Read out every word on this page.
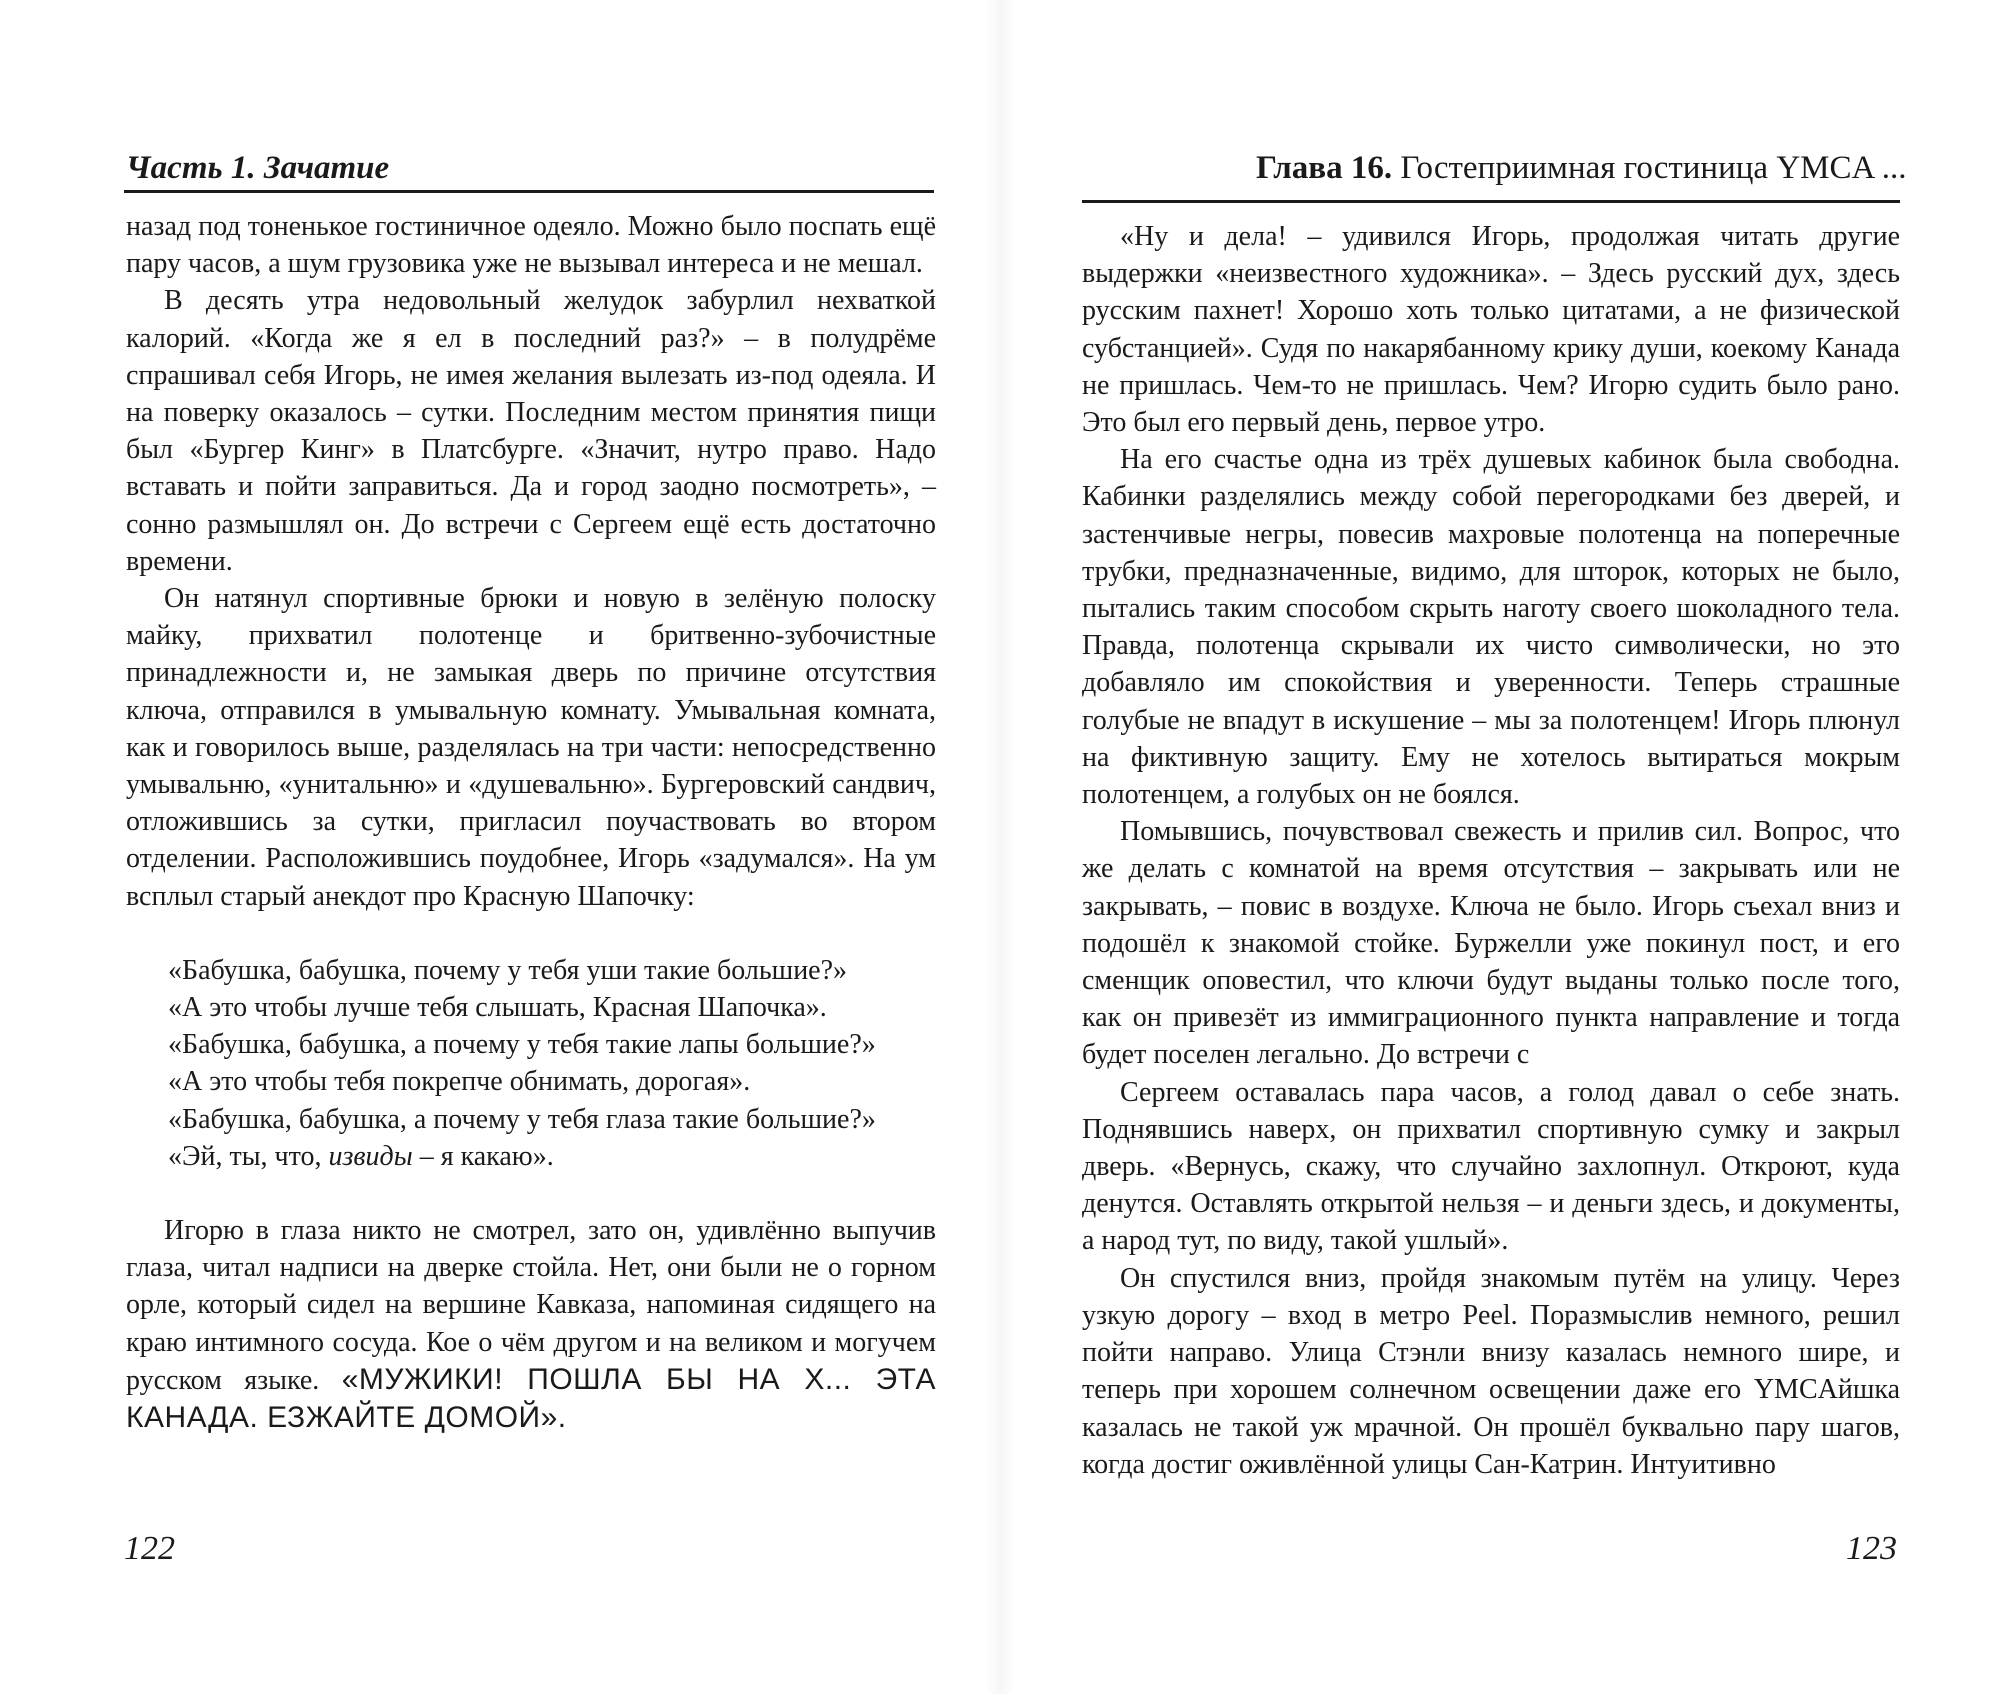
Часть 1. Зачатие

назад под тоненькое гостиничное одеяло. Можно было поспать ещё пару часов, а шум грузовика уже не вызывал интереса и не мешал.

В десять утра недовольный желудок забурлил нехваткой калорий. «Когда же я ел в последний раз?» – в полудрёме спрашивал себя Игорь, не имея желания вылезать из-под одеяла. И на поверку оказалось – сутки. Последним местом принятия пищи был «Бургер Кинг» в Платсбурге. «Значит, нутро право. Надо вставать и пойти заправиться. Да и город заодно посмотреть», – сонно размышлял он. До встречи с Сергеем ещё есть достаточно времени.

Он натянул спортивные брюки и новую в зелёную полоску майку, прихватил полотенце и бритвенно-зубочистные принадлежности и, не замыкая дверь по причине отсутствия ключа, отправился в умывальную комнату. Умывальная комната, как и говорилось выше, разделялась на три части: непосредственно умывальню, «унитальню» и «душевальню». Бургеровский сандвич, отложившись за сутки, пригласил поучаствовать во втором отделении. Расположившись поудобнее, Игорь «задумался». На ум всплыл старый анекдот про Красную Шапочку:

«Бабушка, бабушка, почему у тебя уши такие большие?»
«А это чтобы лучше тебя слышать, Красная Шапочка».
«Бабушка, бабушка, а почему у тебя такие лапы большие?»
«А это чтобы тебя покрепче обнимать, дорогая».
«Бабушка, бабушка, а почему у тебя глаза такие большие?»
«Эй, ты, что, извиды – я какаю».

Игорю в глаза никто не смотрел, зато он, удивлённо выпучив глаза, читал надписи на дверке стойла. Нет, они были не о горном орле, который сидел на вершине Кавказа, напоминая сидящего на краю интимного сосуда. Кое о чём другом и на великом и могучем русском языке. «МУЖИКИ! ПОШЛА БЫ НА Х... ЭТА КАНАДА. ЕЗЖАЙТЕ ДОМОЙ».

122
Глава 16. Гостеприимная гостиница YMCA ...

«Ну и дела! – удивился Игорь, продолжая читать другие выдержки «неизвестного художника». – Здесь русский дух, здесь русским пахнет! Хорошо хоть только цитатами, а не физической субстанцией». Судя по накарябанному крику души, коекому Канада не пришлась. Чем-то не пришлась. Чем? Игорю судить было рано. Это был его первый день, первое утро.

На его счастье одна из трёх душевых кабинок была свободна. Кабинки разделялись между собой перегородками без дверей, и застенчивые негры, повесив махровые полотенца на поперечные трубки, предназначенные, видимо, для шторок, которых не было, пытались таким способом скрыть наготу своего шоколадного тела. Правда, полотенца скрывали их чисто символически, но это добавляло им спокойствия и уверенности. Теперь страшные голубые не впадут в искушение – мы за полотенцем! Игорь плюнул на фиктивную защиту. Ему не хотелось вытираться мокрым полотенцем, а голубых он не боялся.

Помывшись, почувствовал свежесть и прилив сил. Вопрос, что же делать с комнатой на время отсутствия – закрывать или не закрывать, – повис в воздухе. Ключа не было. Игорь съехал вниз и подошёл к знакомой стойке. Буржелли уже покинул пост, и его сменщик оповестил, что ключи будут выданы только после того, как он привезёт из иммиграционного пункта направление и тогда будет поселен легально. До встречи с

Сергеем оставалась пара часов, а голод давал о себе знать. Поднявшись наверх, он прихватил спортивную сумку и закрыл дверь. «Вернусь, скажу, что случайно захлопнул. Откроют, куда денутся. Оставлять открытой нельзя – и деньги здесь, и документы, а народ тут, по виду, такой ушлый».

Он спустился вниз, пройдя знакомым путём на улицу. Через узкую дорогу – вход в метро Peel. Поразмыслив немного, решил пойти направо. Улица Стэнли внизу казалась немного шире, и теперь при хорошем солнечном освещении даже его YMCAйшка казалась не такой уж мрачной. Он прошёл буквально пару шагов, когда достиг оживлённой улицы Сан-Катрин. Интуитивно

123
